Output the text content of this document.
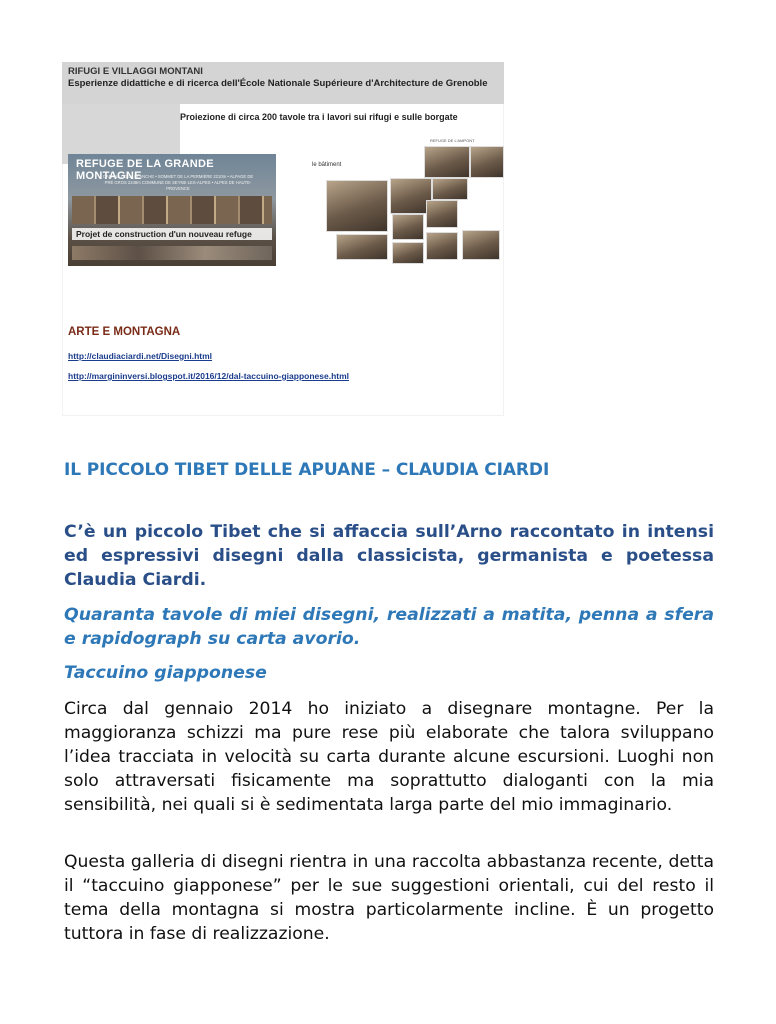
RIFUGI E VILLAGGI MONTANI
Esperienze didattiche e di ricerca dell'École Nationale Supérieure d'Architecture de Grenoble
Proiezione di circa 200 tavole tra i lavori sui rifugi e sulle borgate
REFUGE DE LA GRANDE MONTAGNE
CABANE DE LA BLANCHE • SOMMET DE LA PERMIÈRE 2210m • ALPAGE DE PRÉ GROS 2248m COMMUNE DE SEYNE-LES-ALPES • ALPES DE HAUTE-PROVENCE
Projet de construction d'un nouveau refuge
REFUGE DE L'AMPONT
le bâtiment
ARTE E MONTAGNA
http://claudiaciardi.net/Disegni.html
http://margininversi.blogspot.it/2016/12/dal-taccuino-giapponese.html
IL PICCOLO TIBET DELLE APUANE – CLAUDIA CIARDI

C’è un piccolo Tibet che si affaccia sull’Arno raccontato in intensi ed espressivi disegni dalla classicista, germanista e poetessa Claudia Ciardi.

Quaranta tavole di miei disegni, realizzati a matita, penna a sfera e rapidograph su carta avorio.

Taccuino giapponese

Circa dal gennaio 2014 ho iniziato a disegnare montagne. Per la maggioranza schizzi ma pure rese più elaborate che talora sviluppano l’idea tracciata in velocità su carta durante alcune escursioni. Luoghi non solo attraversati fisicamente ma soprattutto dialoganti con la mia sensibilità, nei quali si è sedimentata larga parte del mio immaginario.

Questa galleria di disegni rientra in una raccolta abbastanza recente, detta il “taccuino giapponese” per le sue suggestioni orientali, cui del resto il tema della montagna si mostra particolarmente incline. È un progetto tuttora in fase di realizzazione.
